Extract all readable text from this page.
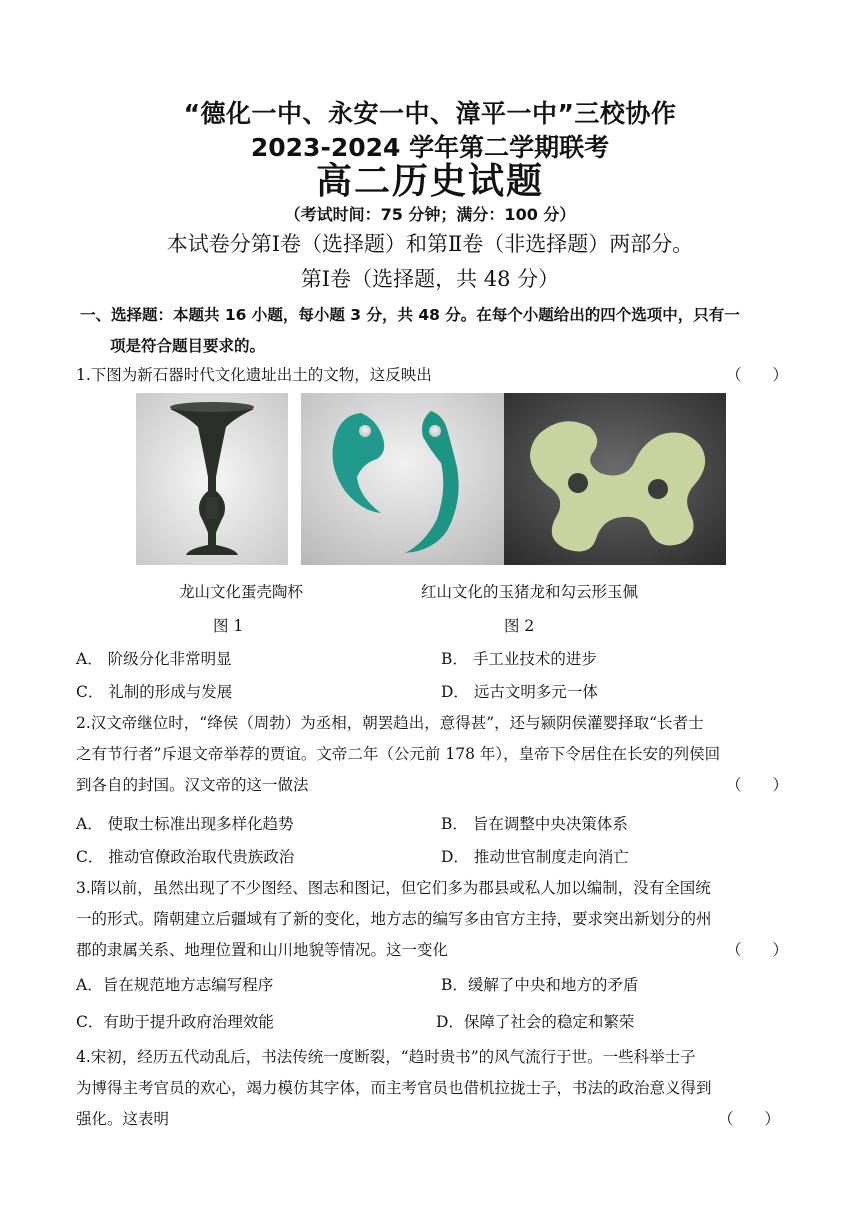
“德化一中、永安一中、漳平一中”三校协作
2023-2024 学年第二学期联考
高二历史试题
（考试时间：75 分钟；满分：100 分）
本试卷分第Ⅰ卷（选择题）和第Ⅱ卷（非选择题）两部分。
第Ⅰ卷（选择题，共 48 分）
一、选择题：本题共 16 小题，每小题 3 分，共 48 分。在每个小题给出的四个选项中，只有一
项是符合题目要求的。
1.下图为新石器时代文化遗址出土的文物，这反映出	（　　）
龙山文化蛋壳陶杯	红山文化的玉猪龙和勾云形玉佩
图 1	图 2
A． 阶级分化非常明显	B． 手工业技术的进步
C． 礼制的形成与发展	D． 远古文明多元一体
2.汉文帝继位时，“绛侯（周勃）为丞相，朝罢趋出，意得甚”，还与颍阴侯灌婴择取“长者士
之有节行者”斥退文帝举荐的贾谊。文帝二年（公元前 178 年），皇帝下令居住在长安的列侯回
到各自的封国。汉文帝的这一做法	（　　）
A． 使取士标准出现多样化趋势	B． 旨在调整中央决策体系
C． 推动官僚政治取代贵族政治	D． 推动世官制度走向消亡
3.隋以前，虽然出现了不少图经、图志和图记，但它们多为郡县或私人加以编制，没有全国统
一的形式。隋朝建立后疆域有了新的变化，地方志的编写多由官方主持，要求突出新划分的州
郡的隶属关系、地理位置和山川地貌等情况。这一变化	（　　）
A．旨在规范地方志编写程序	B．缓解了中央和地方的矛盾
C．有助于提升政府治理效能	D．保障了社会的稳定和繁荣
4.宋初，经历五代动乱后，书法传统一度断裂，“趋时贵书”的风气流行于世。一些科举士子
为博得主考官员的欢心，竭力模仿其字体，而主考官员也借机拉拢士子，书法的政治意义得到
强化。这表明	（　　）
